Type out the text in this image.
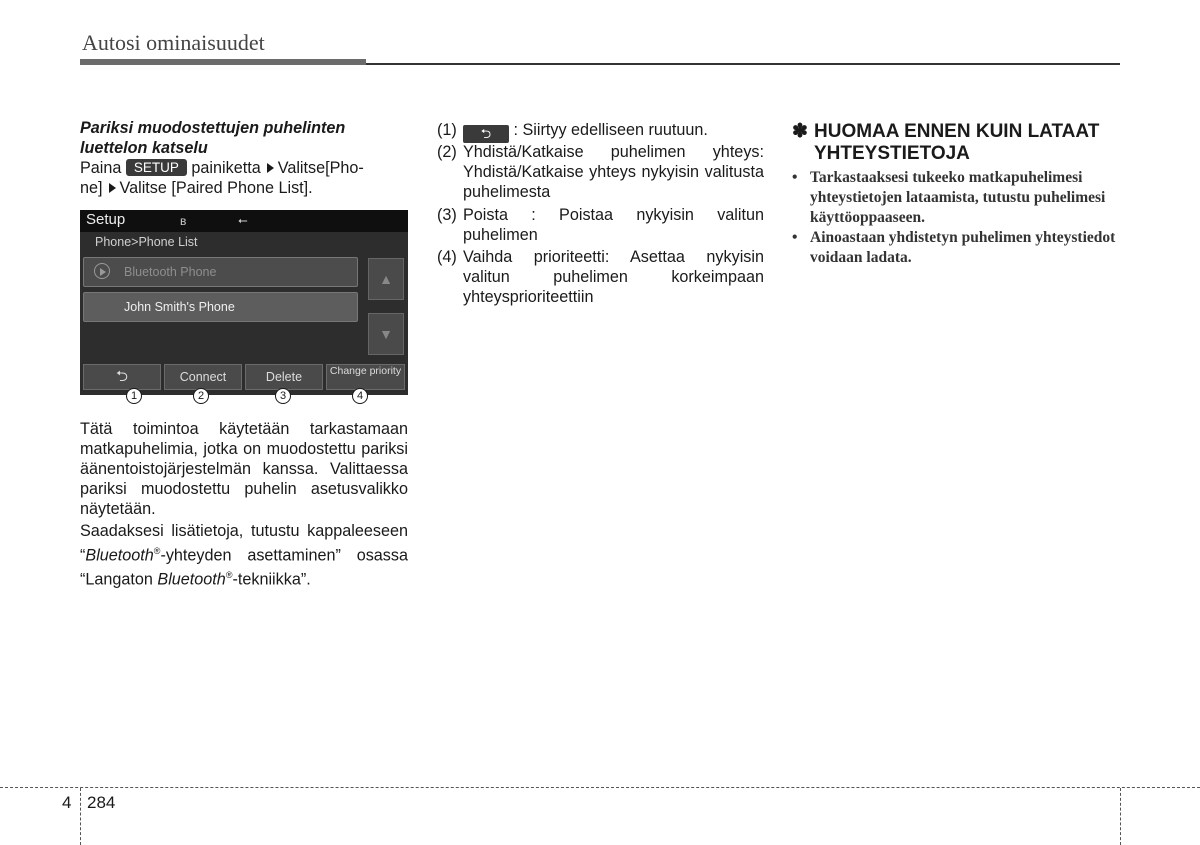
Autosi ominaisuudet
Pariksi muodostettujen puhelinten luettelon katselu
Paina SETUP painiketta Valitse[Pho-
ne] Valitse [Paired Phone List].
Setup	ʙ	⭠
Phone>Phone List
Bluetooth Phone
John Smith's Phone
▲
▼
⮌	Connect	Delete	Change priority
1	2	3	4
Tätä toimintoa käytetään tarkastamaan matkapuhelimia, jotka on muodostettu pariksi äänentoistojärjestelmän kanssa. Valittaessa pariksi muodostettu puhelin asetusvalikko näytetään.
Saadaksesi lisätietoja, tutustu kappaleeseen “Bluetooth®-yhteyden asettaminen” osassa “Langaton Bluetooth®-tekniikka”.
(1)	⮌ : Siirtyy edelliseen ruutuun.
(2) Yhdistä/Katkaise puhelimen yhteys: Yhdistä/Katkaise yhteys nykyisin valitusta puhelimesta
(3) Poista : Poistaa nykyisin valitun puhelimen
(4) Vaihda prioriteetti: Asettaa nykyisin valitun puhelimen korkeimpaan yhteysprioriteettiin
✽ HUOMAA ENNEN KUIN LATAAT YHTEYSTIETOJA
• Tarkastaaksesi tukeeko matkapuhelimesi yhteystietojen lataamista, tutustu puhelimesi käyttöoppaaseen.
• Ainoastaan yhdistetyn puhelimen yhteystiedot voidaan ladata.
4 284
